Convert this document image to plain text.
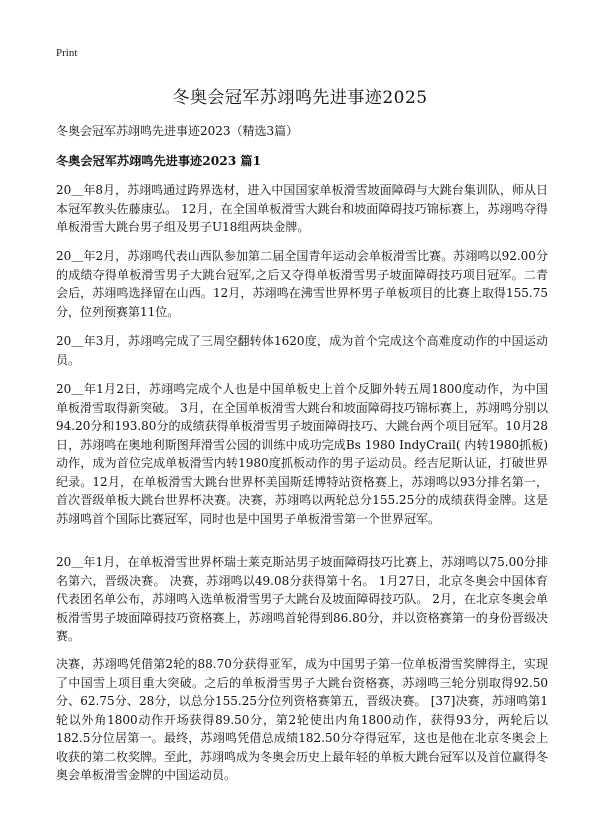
Print
冬奥会冠军苏翊鸣先进事迹2025
冬奥会冠军苏翊鸣先进事迹2023（精选3篇）
冬奥会冠军苏翊鸣先进事迹2023 篇1

20＿年8月，苏翊鸣通过跨界选材，进入中国国家单板滑雪坡面障碍与大跳台集训队，师从日本冠军教头佐藤康弘。 12月，在全国单板滑雪大跳台和坡面障碍技巧锦标赛上，苏翊鸣夺得单板滑雪大跳台男子组及男子U18组两块金牌。

20＿年2月，苏翊鸣代表山西队参加第二届全国青年运动会单板滑雪比赛。苏翊鸣以92.00分的成绩夺得单板滑雪男子大跳台冠军,之后又夺得单板滑雪男子坡面障碍技巧项目冠军。二青会后，苏翊鸣选择留在山西。12月，苏翊鸣在沸雪世界杯男子单板项目的比赛上取得155.75分，位列预赛第11位。

20＿年3月，苏翊鸣完成了三周空翻转体1620度，成为首个完成这个高难度动作的中国运动员。

20＿年1月2日，苏翊鸣完成个人也是中国单板史上首个反脚外转五周1800度动作，为中国单板滑雪取得新突破。 3月，在全国单板滑雪大跳台和坡面障碍技巧锦标赛上，苏翊鸣分别以94.20分和193.80分的成绩获得单板滑雪男子坡面障碍技巧、大跳台两个项目冠军。10月28日，苏翊鸣在奥地利斯图拜滑雪公园的训练中成功完成Bs 1980 IndyCrail( 内转1980抓板)动作，成为首位完成单板滑雪内转1980度抓板动作的男子运动员。经吉尼斯认证，打破世界纪录。12月，在单板滑雪大跳台世界杯美国斯廷博特站资格赛上，苏翊鸣以93分排名第一，首次晋级单板大跳台世界杯决赛。决赛，苏翊鸣以两轮总分155.25分的成绩获得金牌。这是苏翊鸣首个国际比赛冠军，同时也是中国男子单板滑雪第一个世界冠军。

20＿年1月，在单板滑雪世界杯瑞士莱克斯站男子坡面障碍技巧比赛上，苏翊鸣以75.00分排名第六，晋级决赛。 决赛，苏翊鸣以49.08分获得第十名。 1月27日，北京冬奥会中国体育代表团名单公布，苏翊鸣入选单板滑雪男子大跳台及坡面障碍技巧队。 2月，在北京冬奥会单板滑雪男子坡面障碍技巧资格赛上，苏翊鸣首轮得到86.80分，并以资格赛第一的身份晋级决赛。

决赛，苏翊鸣凭借第2轮的88.70分获得亚军，成为中国男子第一位单板滑雪奖牌得主，实现了中国雪上项目重大突破。之后的单板滑雪男子大跳台资格赛，苏翊鸣三轮分别取得92.50分、62.75分、28分，以总分155.25分位列资格赛第五，晋级决赛。 [37]决赛，苏翊鸣第1轮以外角1800动作开场获得89.50分，第2轮使出内角1800动作，获得93分，两轮后以182.5分位居第一。最终，苏翊鸣凭借总成绩182.50分夺得冠军，这也是他在北京冬奥会上收获的第二枚奖牌。至此，苏翊鸣成为冬奥会历史上最年轻的单板大跳台冠军以及首位赢得冬奥会单板滑雪金牌的中国运动员。
